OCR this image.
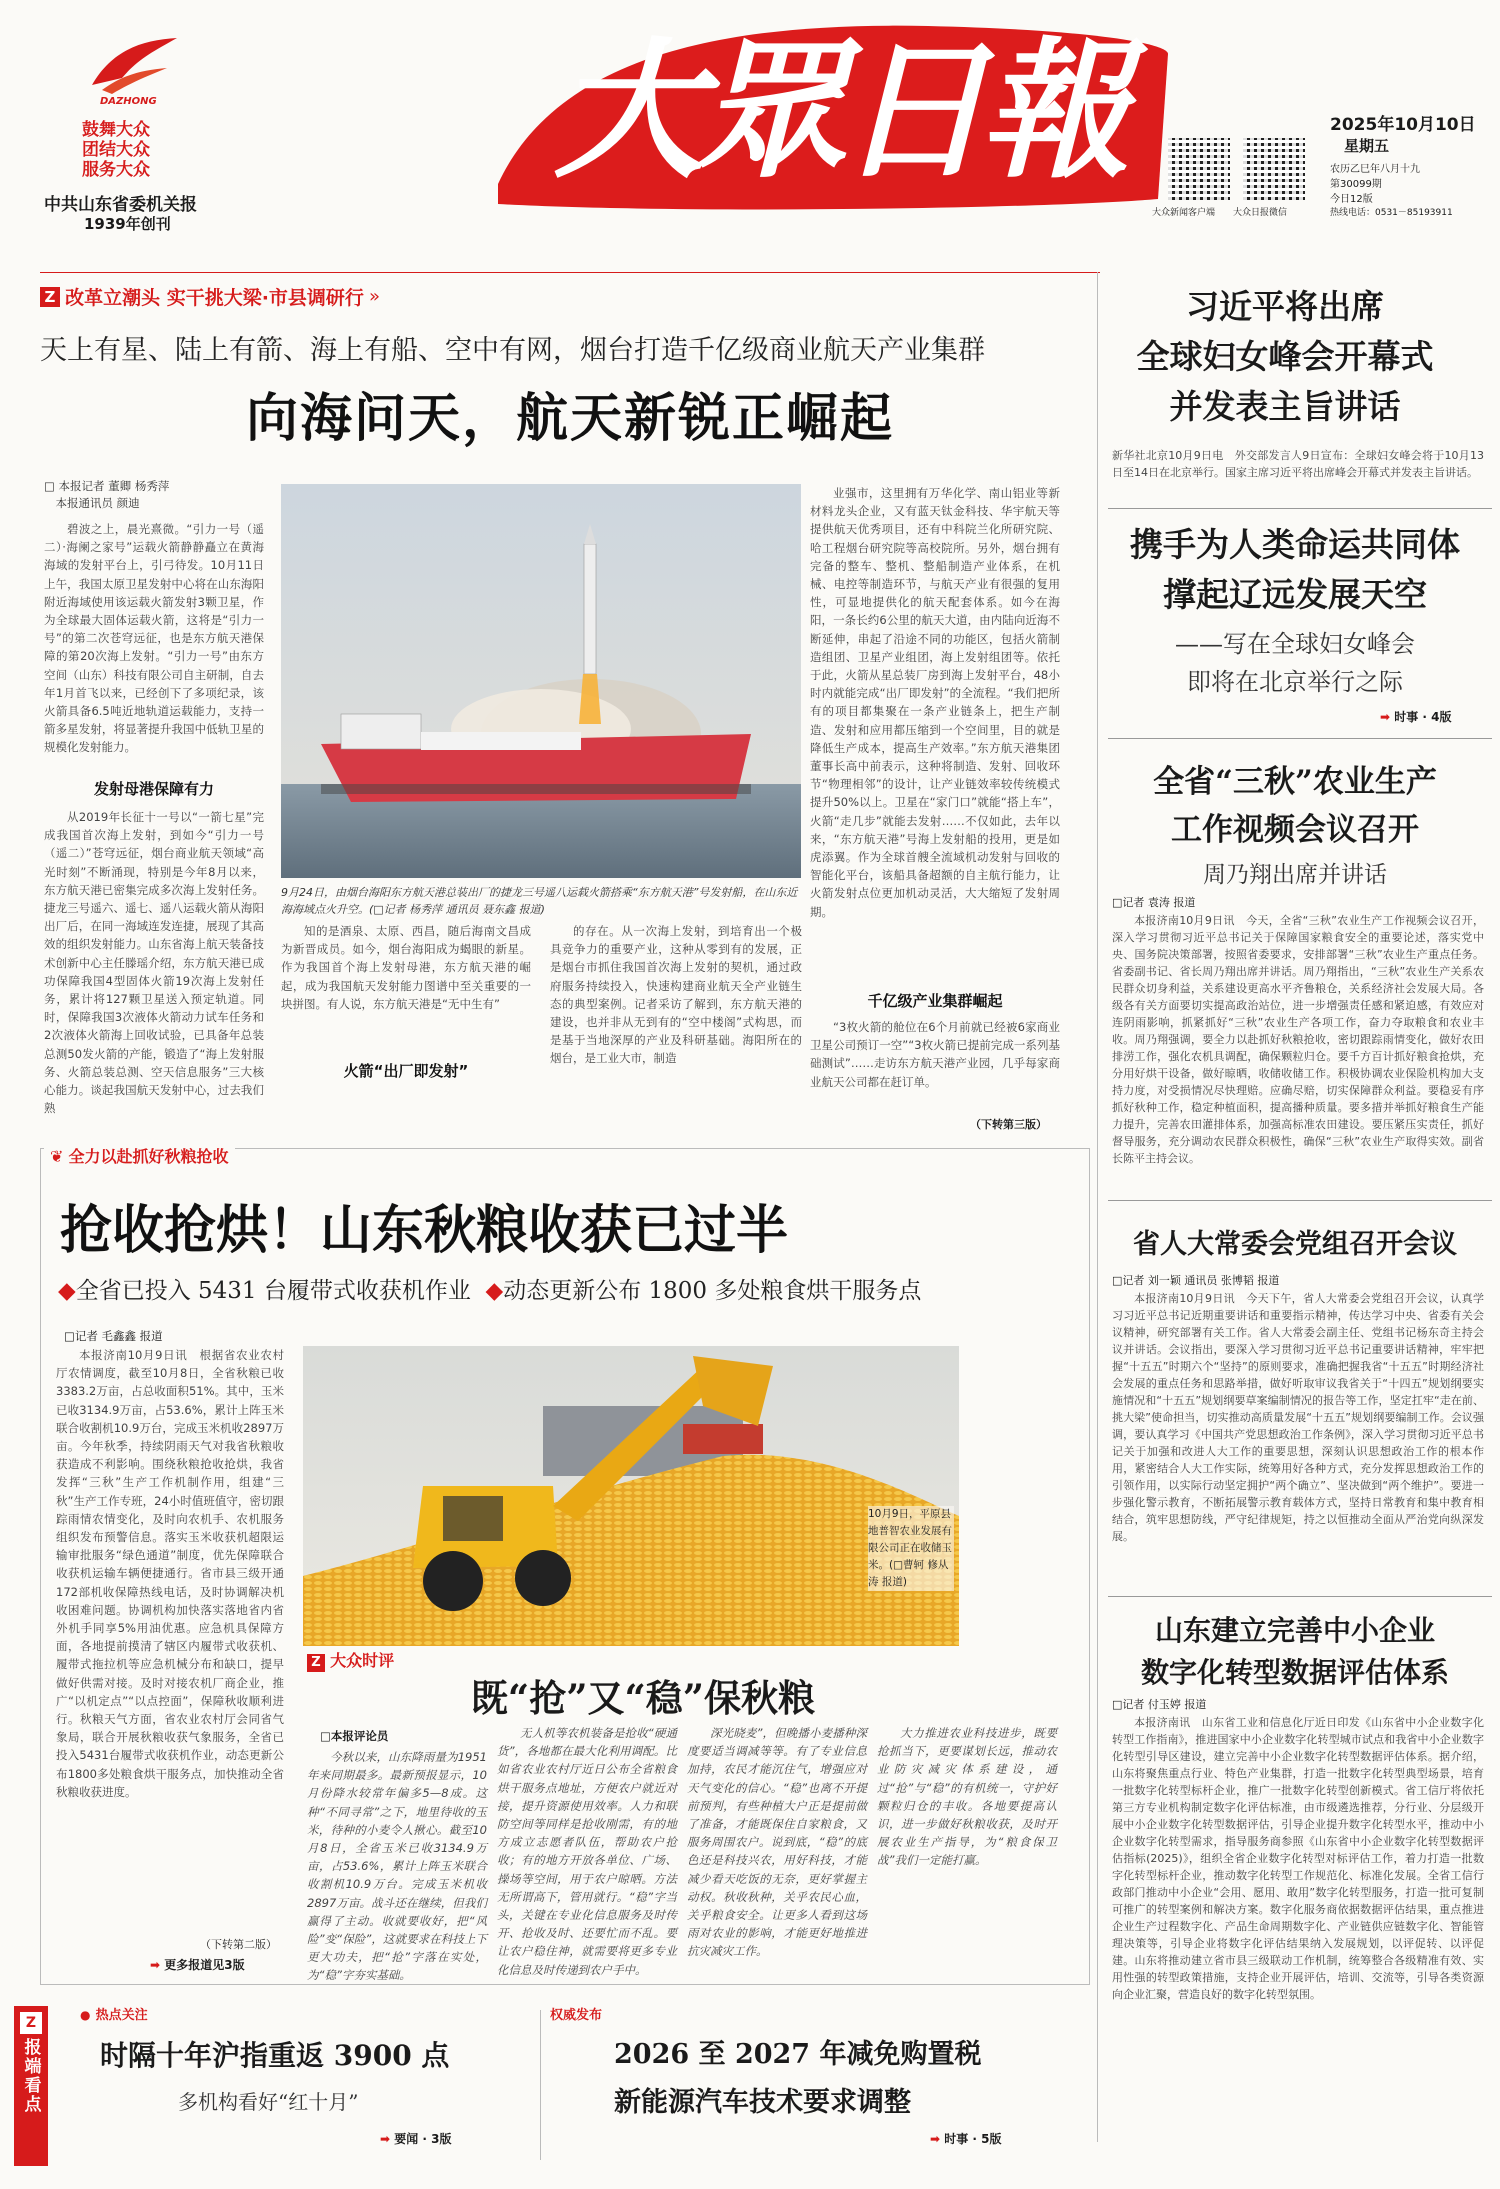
DAZHONG
鼓舞大众
团结大众
服务大众
中共山东省委机关报
1939年创刊
大眾日報
大众新闻客户端 大众日报微信
2025年10月10日
星期五
农历乙巳年八月十九
第30099期
今日12版
热线电话：0531－85193911
Z 改革立潮头 实干挑大梁·市县调研行 »
天上有星、陆上有箭、海上有船、空中有网，烟台打造千亿级商业航天产业集群
向海问天，航天新锐正崛起
□ 本报记者 董卿 杨秀萍
　本报通讯员 颜迪

碧波之上，晨光熹微。“引力一号（遥二）·海阑之家号”运载火箭静静矗立在黄海海域的发射平台上，引弓待发。10月11日上午，我国太原卫星发射中心将在山东海阳附近海域使用该运载火箭发射3颗卫星，作为全球最大固体运载火箭，这将是“引力一号”的第二次苍穹远征，也是东方航天港保障的第20次海上发射。“引力一号”由东方空间（山东）科技有限公司自主研制，自去年1月首飞以来，已经创下了多项纪录，该火箭具备6.5吨近地轨道运载能力，支持一箭多星发射，将显著提升我国中低轨卫星的规模化发射能力。

发射母港保障有力

从2019年长征十一号以“一箭七星”完成我国首次海上发射，到如今“引力一号（遥二）”苍穹远征，烟台商业航天领域“高光时刻”不断涌现，特别是今年8月以来，东方航天港已密集完成多次海上发射任务。捷龙三号遥六、遥七、遥八运载火箭从海阳出厂后，在同一海域连发连捷，展现了其高效的组织发射能力。山东省海上航天装备技术创新中心主任滕瑶介绍，东方航天港已成功保障我国4型固体火箭19次海上发射任务，累计将127颗卫星送入预定轨道。同时，保障我国3次液体火箭动力试车任务和2次液体火箭海上回收试验，已具备年总装总测50发火箭的产能，锻造了“海上发射服务、火箭总装总测、空天信息服务”三大核心能力。谈起我国航天发射中心，过去我们熟

9月24日，由烟台海阳东方航天港总装出厂的捷龙三号遥八运载火箭搭乘“东方航天港”号发射船，在山东近海海域点火升空。(□记者 杨秀萍 通讯员 聂东鑫 报道)

知的是酒泉、太原、西昌，随后海南文昌成为新晋成员。如今，烟台海阳成为蝎眼的新星。作为我国首个海上发射母港，东方航天港的崛起，成为我国航天发射能力图谱中至关重要的一块拼图。有人说，东方航天港是“无中生有”

火箭“出厂即发射”

的存在。从一次海上发射，到培育出一个极具竞争力的重要产业，这种从零到有的发展，正是烟台市抓住我国首次海上发射的契机，通过政府服务持续投入，快速构建商业航天全产业链生态的典型案例。记者采访了解到，东方航天港的建设，也并非从无到有的“空中楼阁”式构思，而是基于当地深厚的产业及科研基础。海阳所在的烟台，是工业大市，制造

业强市，这里拥有万华化学、南山铝业等新材料龙头企业，又有蓝天钛金科技、华宇航天等提供航天优秀项目，还有中科院兰化所研究院、哈工程烟台研究院等高校院所。另外，烟台拥有完备的整车、整机、整船制造产业体系，在机械、电控等制造环节，与航天产业有很强的复用性，可显地提供化的航天配套体系。如今在海阳，一条长约6公里的航天大道，由内陆向近海不断延伸，串起了沿途不同的功能区，包括火箭制造组团、卫星产业组团，海上发射组团等。依托于此，火箭从星总装厂房到海上发射平台，48小时内就能完成“出厂即发射”的全流程。“我们把所有的项目都集聚在一条产业链条上，把生产制造、发射和应用都压缩到一个空间里，目的就是降低生产成本，提高生产效率。”东方航天港集团董事长高中前表示，这种将制造、发射、回收环节“物理相邻”的设计，让产业链效率较传统模式提升50%以上。卫星在“家门口”就能“搭上车”，火箭“走几步”就能去发射……不仅如此，去年以来，“东方航天港”号海上发射船的投用，更是如虎添翼。作为全球首艘全流域机动发射与回收的智能化平台，该船具备超额的自主航行能力，让火箭发射点位更加机动灵活，大大缩短了发射周期。

千亿级产业集群崛起

“3枚火箭的舱位在6个月前就已经被6家商业卫星公司预订一空”“3枚火箭已提前完成一系列基础测试”……走访东方航天港产业园，几乎每家商业航天公司都在赶订单。

（下转第三版）
习近平将出席
全球妇女峰会开幕式
并发表主旨讲话
新华社北京10月9日电　外交部发言人9日宣布：全球妇女峰会将于10月13日至14日在北京举行。国家主席习近平将出席峰会开幕式并发表主旨讲话。
携手为人类命运共同体
撑起辽远发展天空
——写在全球妇女峰会
即将在北京举行之际
➡ 时事 · 4版
全省“三秋”农业生产
工作视频会议召开
周乃翔出席并讲话
□记者 袁涛 报道

本报济南10月9日讯　今天，全省“三秋”农业生产工作视频会议召开，深入学习贯彻习近平总书记关于保障国家粮食安全的重要论述，落实党中央、国务院决策部署，按照省委要求，安排部署“三秋”农业生产重点任务。省委副书记、省长周乃翔出席并讲话。周乃翔指出，“三秋”农业生产关系农民群众切身利益，关系建设更高水平齐鲁粮仓，关系经济社会发展大局。各级各有关方面要切实提高政治站位，进一步增强责任感和紧迫感，有效应对连阴雨影响，抓紧抓好“三秋”农业生产各项工作，奋力夺取粮食和农业丰收。周乃翔强调，要全力以赴抓好秋粮抢收，密切跟踪雨情变化，做好农田排涝工作，强化农机具调配，确保颗粒归仓。要千方百计抓好粮食抢烘，充分用好烘干设备，做好晾晒，收储收储工作。积极协调农业保险机构加大支持力度，对受损情况尽快理赔。应确尽赔，切实保障群众利益。要稳妥有序抓好秋种工作，稳定种植面积，提高播种质量。要多措并举抓好粮食生产能力提升，完善农田灌排体系，加强高标准农田建设。要压紧压实责任，抓好督导服务，充分调动农民群众积极性，确保“三秋”农业生产取得实效。副省长陈平主持会议。

省人大常委会党组召开会议
□记者 刘一颖 通讯员 张博韬 报道

本报济南10月9日讯　今天下午，省人大常委会党组召开会议，认真学习习近平总书记近期重要讲话和重要指示精神，传达学习中央、省委有关会议精神，研究部署有关工作。省人大常委会副主任、党组书记杨东奇主持会议并讲话。会议指出，要深入学习贯彻习近平总书记重要讲话精神，牢牢把握“十五五”时期六个“坚持”的原则要求，准确把握我省“十五五”时期经济社会发展的重点任务和思路举措，做好听取审议我省关于“十四五”规划纲要实施情况和“十五五”规划纲要草案编制情况的报告等工作，坚定扛牢“走在前、挑大梁”使命担当，切实推动高质量发展“十五五”规划纲要编制工作。会议强调，要认真学习《中国共产党思想政治工作条例》，深入学习贯彻习近平总书记关于加强和改进人大工作的重要思想，深刻认识思想政治工作的根本作用，紧密结合人大工作实际，统筹用好各种方式，充分发挥思想政治工作的引领作用，以实际行动坚定拥护“两个确立”、坚决做到“两个维护”。要进一步强化警示教育，不断拓展警示教育载体方式，坚持日常教育和集中教育相结合，筑牢思想防线，严守纪律规矩，持之以恒推动全面从严治党向纵深发展。

山东建立完善中小企业
数字化转型数据评估体系
□记者 付玉婷 报道

本报济南讯　山东省工业和信息化厅近日印发《山东省中小企业数字化转型工作指南》，推进国家中小企业数字化转型城市试点和我省中小企业数字化转型引导区建设，建立完善中小企业数字化转型数据评估体系。据介绍，山东将聚焦重点行业、特色产业集群，打造一批数字化转型典型场景，培育一批数字化转型标杆企业，推广一批数字化转型创新模式。省工信厅将依托第三方专业机构制定数字化评估标准，由市级遴选推荐，分行业、分层级开展中小企业数字化转型数据评估，引导企业提升数字化转型水平，推动中小企业数字化转型需求，指导服务商参照《山东省中小企业数字化转型数据评估指标(2025)》，组织全省企业数字化转型对标评估工作，着力打造一批数字化转型标杆企业，推动数字化转型工作规范化、标准化发展。全省工信行政部门推动中小企业“会用、愿用、敢用”数字化转型服务，打造一批可复制可推广的转型案例和解决方案。数字化服务商依据数据评估结果，重点推进企业生产过程数字化、产品生命周期数字化、产业链供应链数字化、智能管理决策等，引导企业将数字化评估结果纳入发展规划，以评促转、以评促建。山东将推动建立省市县三级联动工作机制，统筹整合各级精准有效、实用性强的转型政策措施，支持企业开展评估，培训、交流等，引导各类资源向企业汇聚，营造良好的数字化转型氛围。

❦ 全力以赴抓好秋粮抢收
抢收抢烘！山东秋粮收获已过半
◆全省已投入 5431 台履带式收获机作业 ◆动态更新公布 1800 多处粮食烘干服务点
□记者 毛鑫鑫 报道

本报济南10月9日讯　根据省农业农村厅农情调度，截至10月8日，全省秋粮已收3383.2万亩，占总收面积51%。其中，玉米已收3134.9万亩，占53.6%，累计上阵玉米联合收割机10.9万台，完成玉米机收2897万亩。今年秋季，持续阴雨天气对我省秋粮收获造成不利影响。围绕秋粮抢收抢烘，我省发挥“三秋”生产工作机制作用，组建“三秋”生产工作专班，24小时值班值守，密切跟踪雨情农情变化，及时向农机手、农机服务组织发布预警信息。落实玉米收获机超限运输审批服务“绿色通道”制度，优先保障联合收获机运输车辆便捷通行。省市县三级开通172部机收保障热线电话，及时协调解决机收困难问题。协调机构加快落实落地省内省外机手同享5%用油优惠。应急机具保障方面，各地提前摸清了辖区内履带式收获机、履带式拖拉机等应急机械分布和缺口，提早做好供需对接。及时对接农机厂商企业，推广“以机定点”“以点控面”，保障秋收顺利进行。秋粮天气方面，省农业农村厅会同省气象局，联合开展秋粮收获气象服务，全省已投入5431台履带式收获机作业，动态更新公布1800多处粮食烘干服务点，加快推动全省秋粮收获进度。

（下转第二版）
➡ 更多报道见3版
10月9日，平原县地普智农业发展有限公司正在收储玉米。(□曹轲 修从涛 报道)
Z 大众时评
既“抢”又“稳”保秋粮
□本报评论员

今秋以来，山东降雨量为1951年来同期最多。最新预报显示，10月份降水较常年偏多5—8成。这种“不同寻常”之下，地里待收的玉米，待种的小麦令人揪心。截至10月8日，全省玉米已收3134.9万亩，占53.6%，累计上阵玉米联合收割机10.9万台。完成玉米机收2897万亩。战斗还在继续，但我们赢得了主动。收就要收好，把“风险”变“保险”，这就要求在科技上下更大功夫，把“抢”字落在实处，为“稳”字夯实基础。

无人机等农机装备是抢收“硬通货”，各地都在最大化利用调配。比如省农业农村厅近日公布全省粮食烘干服务点地址，方便农户就近对接，提升资源使用效率。人力和联防空间等同样是抢收刚需，有的地方成立志愿者队伍，帮助农户抢收；有的地方开放各单位、广场、操场等空间，用于农户晾晒。方法无所谓高下，管用就行。“稳”字当头，关键在专业化信息服务及时传开、抢收及时、还要忙而不乱。要让农户稳住神，就需要将更多专业化信息及时传递到农户手中。

深光晓麦”，但晚播小麦播种深度要适当调减等等。有了专业信息加持，农民才能沉住气，增强应对天气变化的信心。“稳”也离不开提前预判，有些种植大户正是提前做了准备，才能既保住自家粮食，又服务周围农户。说到底，“稳”的底色还是科技兴农，用好科技，才能减少看天吃饭的无奈，更好掌握主动权。秋收秋种，关乎农民心血，关乎粮食安全。让更多人看到这场雨对农业的影响，才能更好地推进抗灾减灾工作。

大力推进农业科技进步，既要抢抓当下，更要谋划长远，推动农业防灾减灾体系建设，通过“抢”与“稳”的有机统一，守护好颗粒归仓的丰收。各地要提高认识，进一步做好秋粮收获，及时开展农业生产指导，为“粮食保卫战”我们一定能打赢。

Z
报端看点
● 热点关注
时隔十年沪指重返 3900 点
多机构看好“红十月”
➡ 要闻 · 3版
权威发布
2026 至 2027 年减免购置税
新能源汽车技术要求调整
➡ 时事 · 5版
